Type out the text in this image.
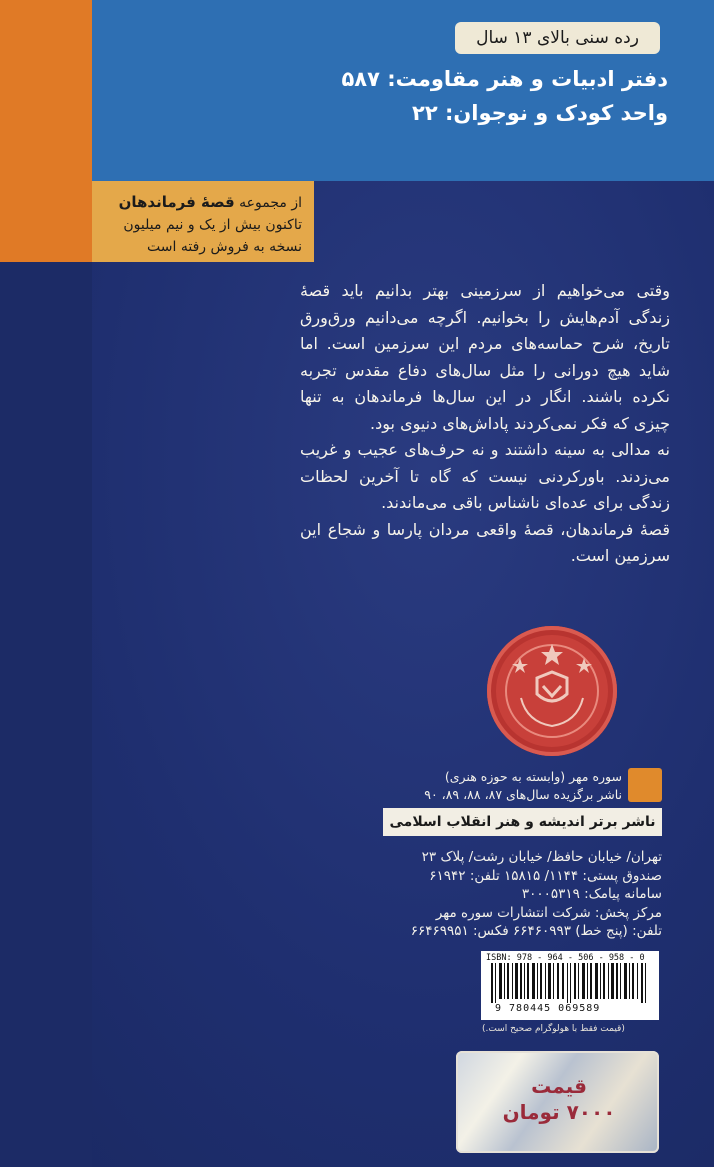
رده سنی بالای ۱۳ سال
دفتر ادبیات و هنر مقاومت: ۵۸۷
واحد کودک و نوجوان: ۲۲
از مجموعه قصهٔ فرماندهان
تاکنون بیش از یک و نیم میلیون
نسخه به فروش رفته است

وقتی می‌خواهیم از سرزمینی بهتر بدانیم باید قصهٔ زندگی آدم‌هایش را بخوانیم. اگرچه می‌دانیم ورق‌ورق تاریخ، شرح حماسه‌های مردم این سرزمین است. اما شاید هیچ دورانی را مثل سال‌های دفاع مقدس تجربه نکرده باشند. انگار در این سال‌ها فرماندهان به تنها چیزی که فکر نمی‌کردند پاداش‌های دنیوی بود.

نه مدالی به سینه داشتند و نه حرف‌های عجیب و غریب می‌زدند. باورکردنی نیست که گاه تا آخرین لحظات زندگی برای عده‌ای ناشناس باقی می‌ماندند.

قصهٔ فرماندهان، قصهٔ واقعی مردان پارسا و شجاع این سرزمین است.

سوره مهر (وابسته به حوزه هنری)
ناشر برگزیده سال‌های ۸۷، ۸۸، ۸۹، ۹۰
ناشر برتر اندیشه و هنر انقلاب اسلامی

تهران/ خیابان حافظ/ خیابان رشت/ پلاک ۲۳

صندوق پستی: ۱۱۴۴/ ۱۵۸۱۵ تلفن: ۶۱۹۴۲

سامانه پیامک: ۳۰۰۰۵۳۱۹

مرکز پخش: شرکت انتشارات سوره مهر

تلفن: (پنج خط) ۶۶۴۶۰۹۹۳ فکس: ۶۶۴۶۹۹۵۱

ISBN: 978 - 964 - 506 - 958 - 0
9 780445 069589
(قیمت فقط با هولوگرام صحیح است.)
قیمت
۷۰۰۰ تومان
